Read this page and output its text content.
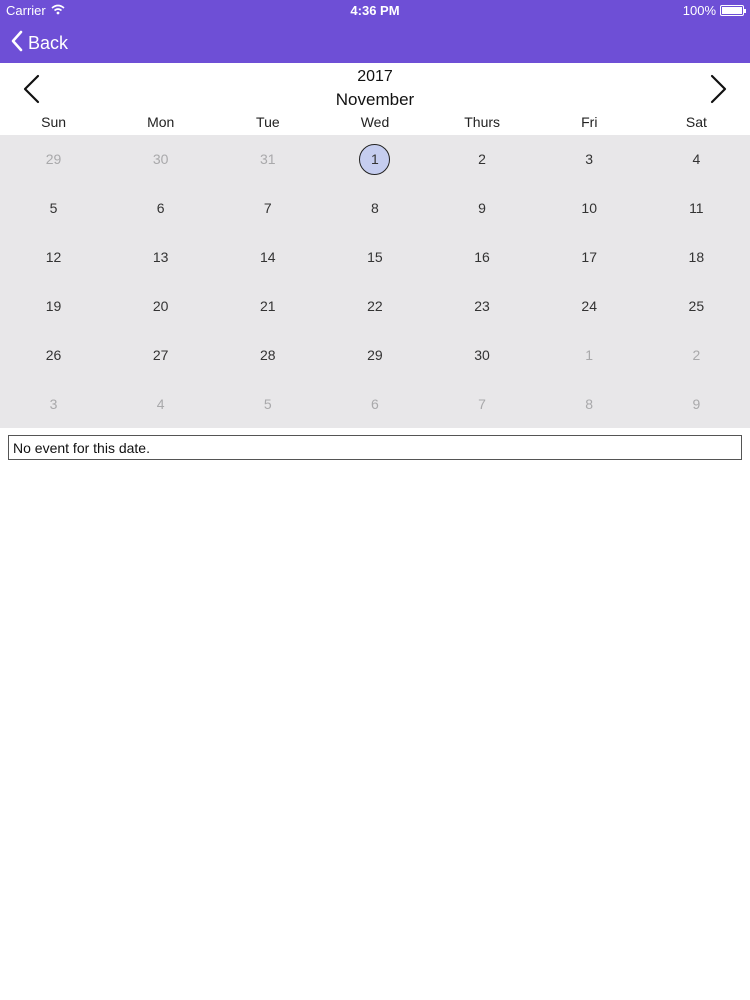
Carrier	4:36 PM	100%
Back
2017
November
Sun	Mon	Tue	Wed	Thurs	Fri	Sat
29	30	31	1	2	3	4
5	6	7	8	9	10	11
12	13	14	15	16	17	18
19	20	21	22	23	24	25
26	27	28	29	30	1	2
3	4	5	6	7	8	9
No event for this date.
